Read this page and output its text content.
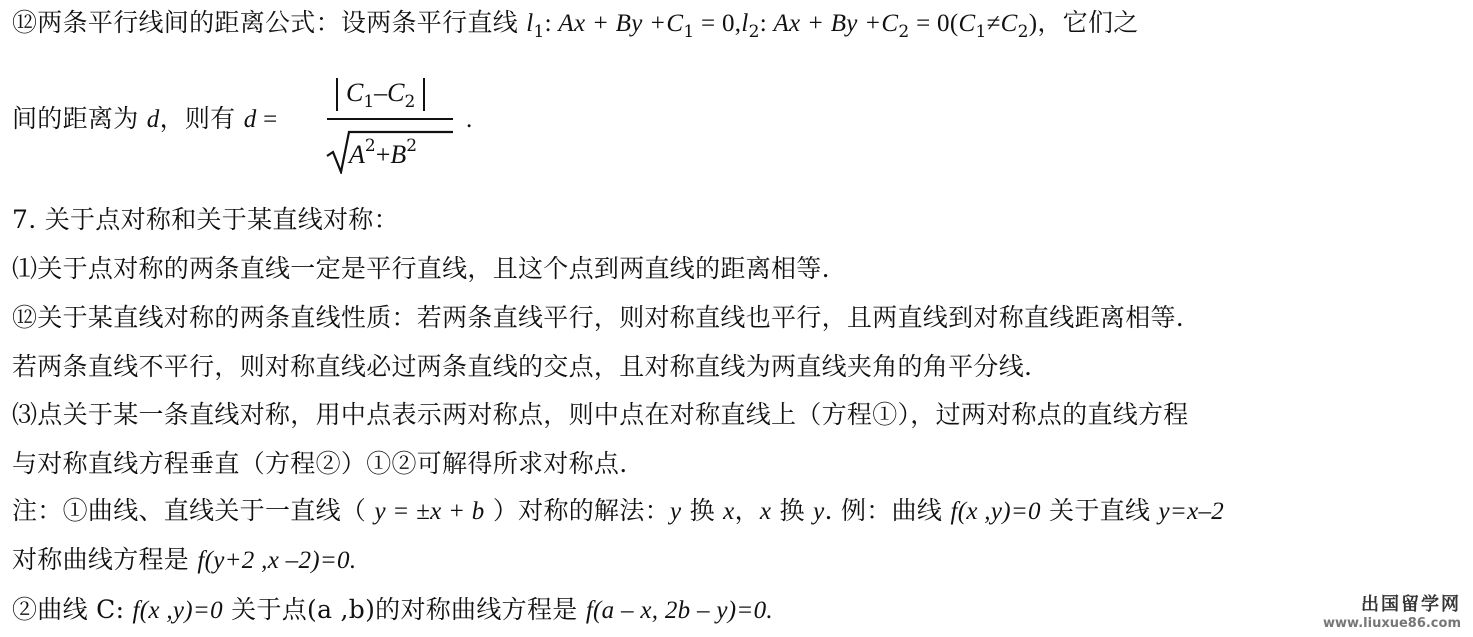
⑫两条平行线间的距离公式：设两条平行直线 $l_1$: $Ax + By +C_1 = 0,l_2$: $Ax + By +C_2 = 0(C_1\ne C_2)$，它们之
间的距离为 d，则有 d =
$C_1-C_2$
$A^2+B^2$
.
7. 关于点对称和关于某直线对称：
⑴关于点对称的两条直线一定是平行直线，且这个点到两直线的距离相等.
⑫关于某直线对称的两条直线性质：若两条直线平行，则对称直线也平行，且两直线到对称直线距离相等.
若两条直线不平行，则对称直线必过两条直线的交点，且对称直线为两直线夹角的角平分线.
⑶点关于某一条直线对称，用中点表示两对称点，则中点在对称直线上（方程①），过两对称点的直线方程
与对称直线方程垂直（方程②）①②可解得所求对称点.
注：①曲线、直线关于一直线（ y = ±x + b ）对称的解法：y 换 x，x 换 y. 例：曲线 f(x ,y)=0 关于直线 y=x–2
对称曲线方程是 f(y+2 ,x –2)=0.
②曲线 C: f(x ,y)=0 关于点(a ,b)的对称曲线方程是 f(a – x, 2b – y)=0.	出国留学网
www.liuxue86.com
